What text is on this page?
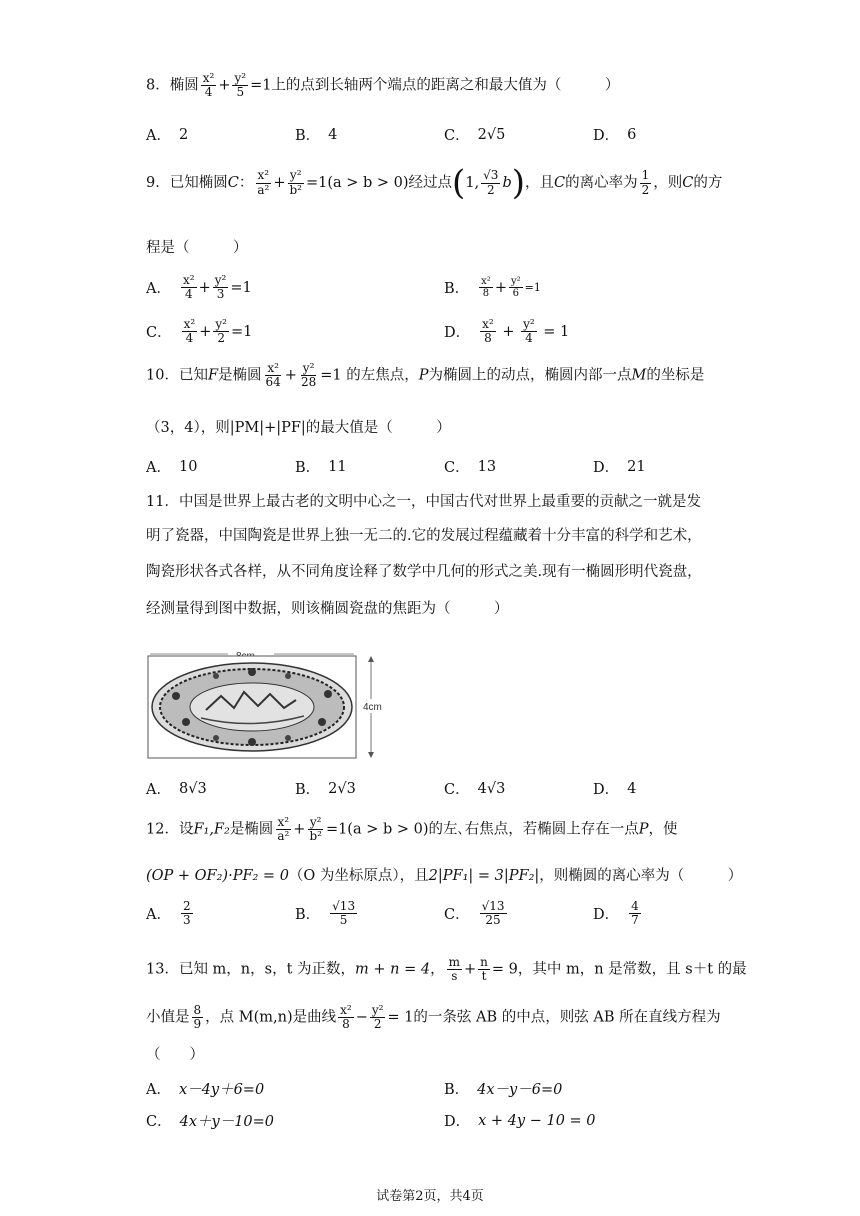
8．椭圆 $\frac{\text{x²}}{4} + \frac{\text{y²}}{5} =1$上的点到长轴两个端点的距离之和最大值为（　　　）
A． 2	B． 4	C． 2√5	D． 6
9．已知椭圆C： $\frac{\text{x²}}{\text{a²}} + \frac{\text{y²}}{\text{b²}} =1(a > b > 0)$经过点(1, $\frac{√3}{2} b$)，且C的离心率为 $\frac{1}{2}$ ，则C的方
程是（　　　）
A． $\frac{\text{x²}}{4} + \frac{\text{y²}}{3} =1$	B． $\frac{\text{x²}}{8} + \frac{\text{y²}}{6} =1$
C． $\frac{\text{x²}}{4} + \frac{\text{y²}}{2} =1$	D． $\frac{\text{x²}}{8} + \frac{\text{y²}}{4}$
= 1
10．已知F是椭圆 $\frac{\text{x²}}{64} + \frac{\text{y²}}{28} =1$ 的左焦点，P为椭圆上的动点，椭圆内部一点M的坐标是
（3，4），则|PM|+|PF|的最大值是（　　　）
A． 10	B． 11	C． 13	D． 21
11．中国是世界上最古老的文明中心之一，中国古代对世界上最重要的贡献之一就是发
明了瓷器，中国陶瓷是世界上独一无二的.它的发展过程蕴藏着十分丰富的科学和艺术，
陶瓷形状各式各样，从不同角度诠释了数学中几何的形式之美.现有一椭圆形明代瓷盘，
经测量得到图中数据，则该椭圆瓷盘的焦距为（　　　）
4cm
A． 8√3	B． 2√3	C． 4√3	D． 4
12．设F₁,F₂是椭圆 $\frac{\text{x²}}{\text{a²}} + \frac{\text{y²}}{\text{b²}} =1(a > b > 0)$的左､右焦点，若椭圆上存在一点P，使
(OP + OF₂)·PF₂ = 0（O 为坐标原点），且2|PF₁| = 3|PF₂|，则椭圆的离心率为（　　　）
A． $\frac{2}{3}$	B． $\frac{√13}{5}$	C． $\frac{√13}{25}$	D． $\frac{4}{7}$
13．已知 m，n，s，t 为正数，m + n = 4， $\frac{m}{s} + \frac{n}{t} = 9$，其中 m，n 是常数，且 s＋t 的最
小值是 $\frac{8}{9}$ ，点 M(m,n)是曲线 $\frac{\text{x²}}{8} - \frac{\text{y²}}{2} = 1$的一条弦 AB 的中点，则弦 AB 所在直线方程为
（　　）
A． x－4y＋6=0	B． 4x－y－6=0
C． 4x＋y－10=0	D． x + 4y − 10 = 0
试卷第2页，共4页
